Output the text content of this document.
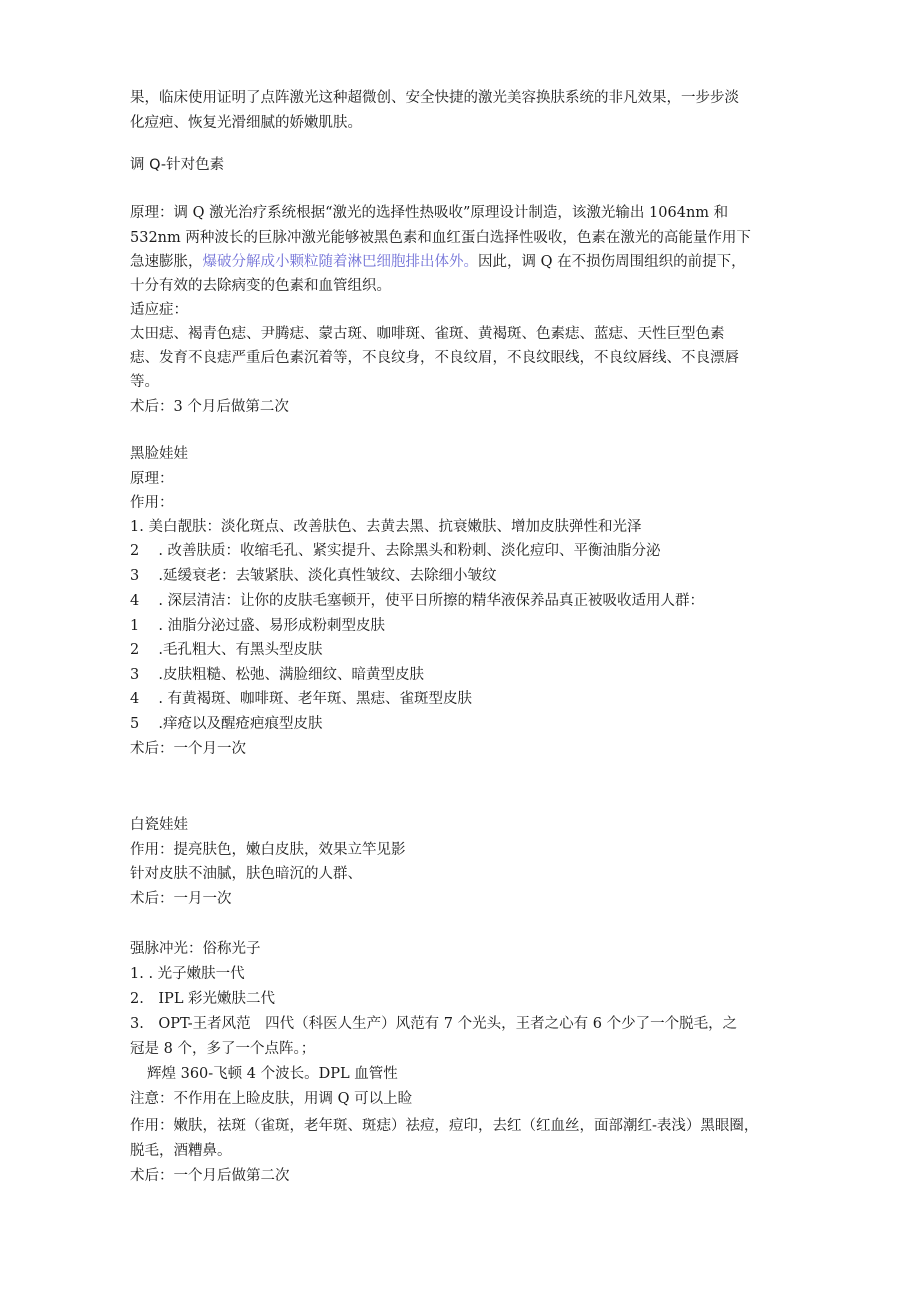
果，临床使用证明了点阵激光这种超微创、安全快捷的激光美容换肤系统的非凡效果，一步步淡
化痘疤、恢复光滑细腻的娇嫩肌肤。
调 Q-针对色素
原理：调 Q 激光治疗系统根据“激光的选择性热吸收”原理设计制造，该激光输出 1064nm 和
532nm 两种波长的巨脉冲激光能够被黑色素和血红蛋白选择性吸收，色素在激光的高能量作用下
急速膨胀，爆破分解成小颗粒随着淋巴细胞排出体外。因此，调 Q 在不损伤周围组织的前提下，
十分有效的去除病变的色素和血管组织。
适应症：
太田痣、褐青色痣、尹腾痣、蒙古斑、咖啡斑、雀斑、黄褐斑、色素痣、蓝痣、天性巨型色素
痣、发育不良痣严重后色素沉着等，不良纹身，不良纹眉，不良纹眼线，不良纹唇线、不良漂唇
等。
术后：3 个月后做第二次
黑脸娃娃
原理：
作用：
1. 美白靓肤：淡化斑点、改善肤色、去黄去黑、抗衰嫩肤、增加皮肤弹性和光泽
2 　. 改善肤质：收缩毛孔、紧实提升、去除黑头和粉刺、淡化痘印、平衡油脂分泌
3 　.延缓衰老：去皱紧肤、淡化真性皱纹、去除细小皱纹
4 　. 深层清洁：让你的皮肤毛塞顿开，使平日所擦的精华液保养品真正被吸收适用人群：
1 　. 油脂分泌过盛、易形成粉刺型皮肤
2 　.毛孔粗大、有黑头型皮肤
3 　.皮肤粗糙、松弛、满脸细纹、暗黄型皮肤
4 　. 有黄褐斑、咖啡斑、老年斑、黑痣、雀斑型皮肤
5 　.痒疮以及醒疮疤痕型皮肤
术后：一个月一次
白瓷娃娃
作用：提亮肤色，嫩白皮肤，效果立竿见影
针对皮肤不油腻，肤色暗沉的人群、
术后：一月一次
强脉冲光：俗称光子
1. . 光子嫩肤一代
2.　IPL 彩光嫩肤二代
3.　OPT-王者风范　四代（科医人生产）风范有 7 个光头，王者之心有 6 个少了一个脱毛，之
冠是 8 个，多了一个点阵。；
辉煌 360-飞顿 4 个波长。DPL 血管性
注意：不作用在上睑皮肤，用调 Q 可以上睑
作用：嫩肤，祛斑（雀斑，老年斑、斑痣）祛痘，痘印，去红（红血丝，面部潮红-表浅）黑眼圈，
脱毛，酒糟鼻。
术后：一个月后做第二次
